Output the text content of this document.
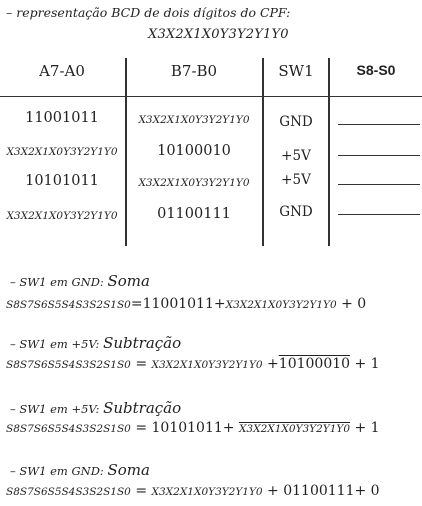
– representação BCD de dois dígitos do CPF:
X3X2X1X0Y3Y2Y1Y0
A7-A0	B7-B0	SW1	S8-S0
11001011	X3X2X1X0Y3Y2Y1Y0	GND
X3X2X1X0Y3Y2Y1Y0	10100010	+5V
10101011	X3X2X1X0Y3Y2Y1Y0	+5V
X3X2X1X0Y3Y2Y1Y0	01100111	GND
– SW1 em GND: Soma
S8S7S6S5S4S3S2S1S0=11001011+X3X2X1X0Y3Y2Y1Y0 + 0
– SW1 em +5V: Subtração
S8S7S6S5S4S3S2S1S0 = X3X2X1X0Y3Y2Y1Y0 +10100010 + 1
– SW1 em +5V: Subtração
S8S7S6S5S4S3S2S1S0 = 10101011+ X3X2X1X0Y3Y2Y1Y0 + 1
– SW1 em GND: Soma
S8S7S6S5S4S3S2S1S0 = X3X2X1X0Y3Y2Y1Y0 + 01100111+ 0
